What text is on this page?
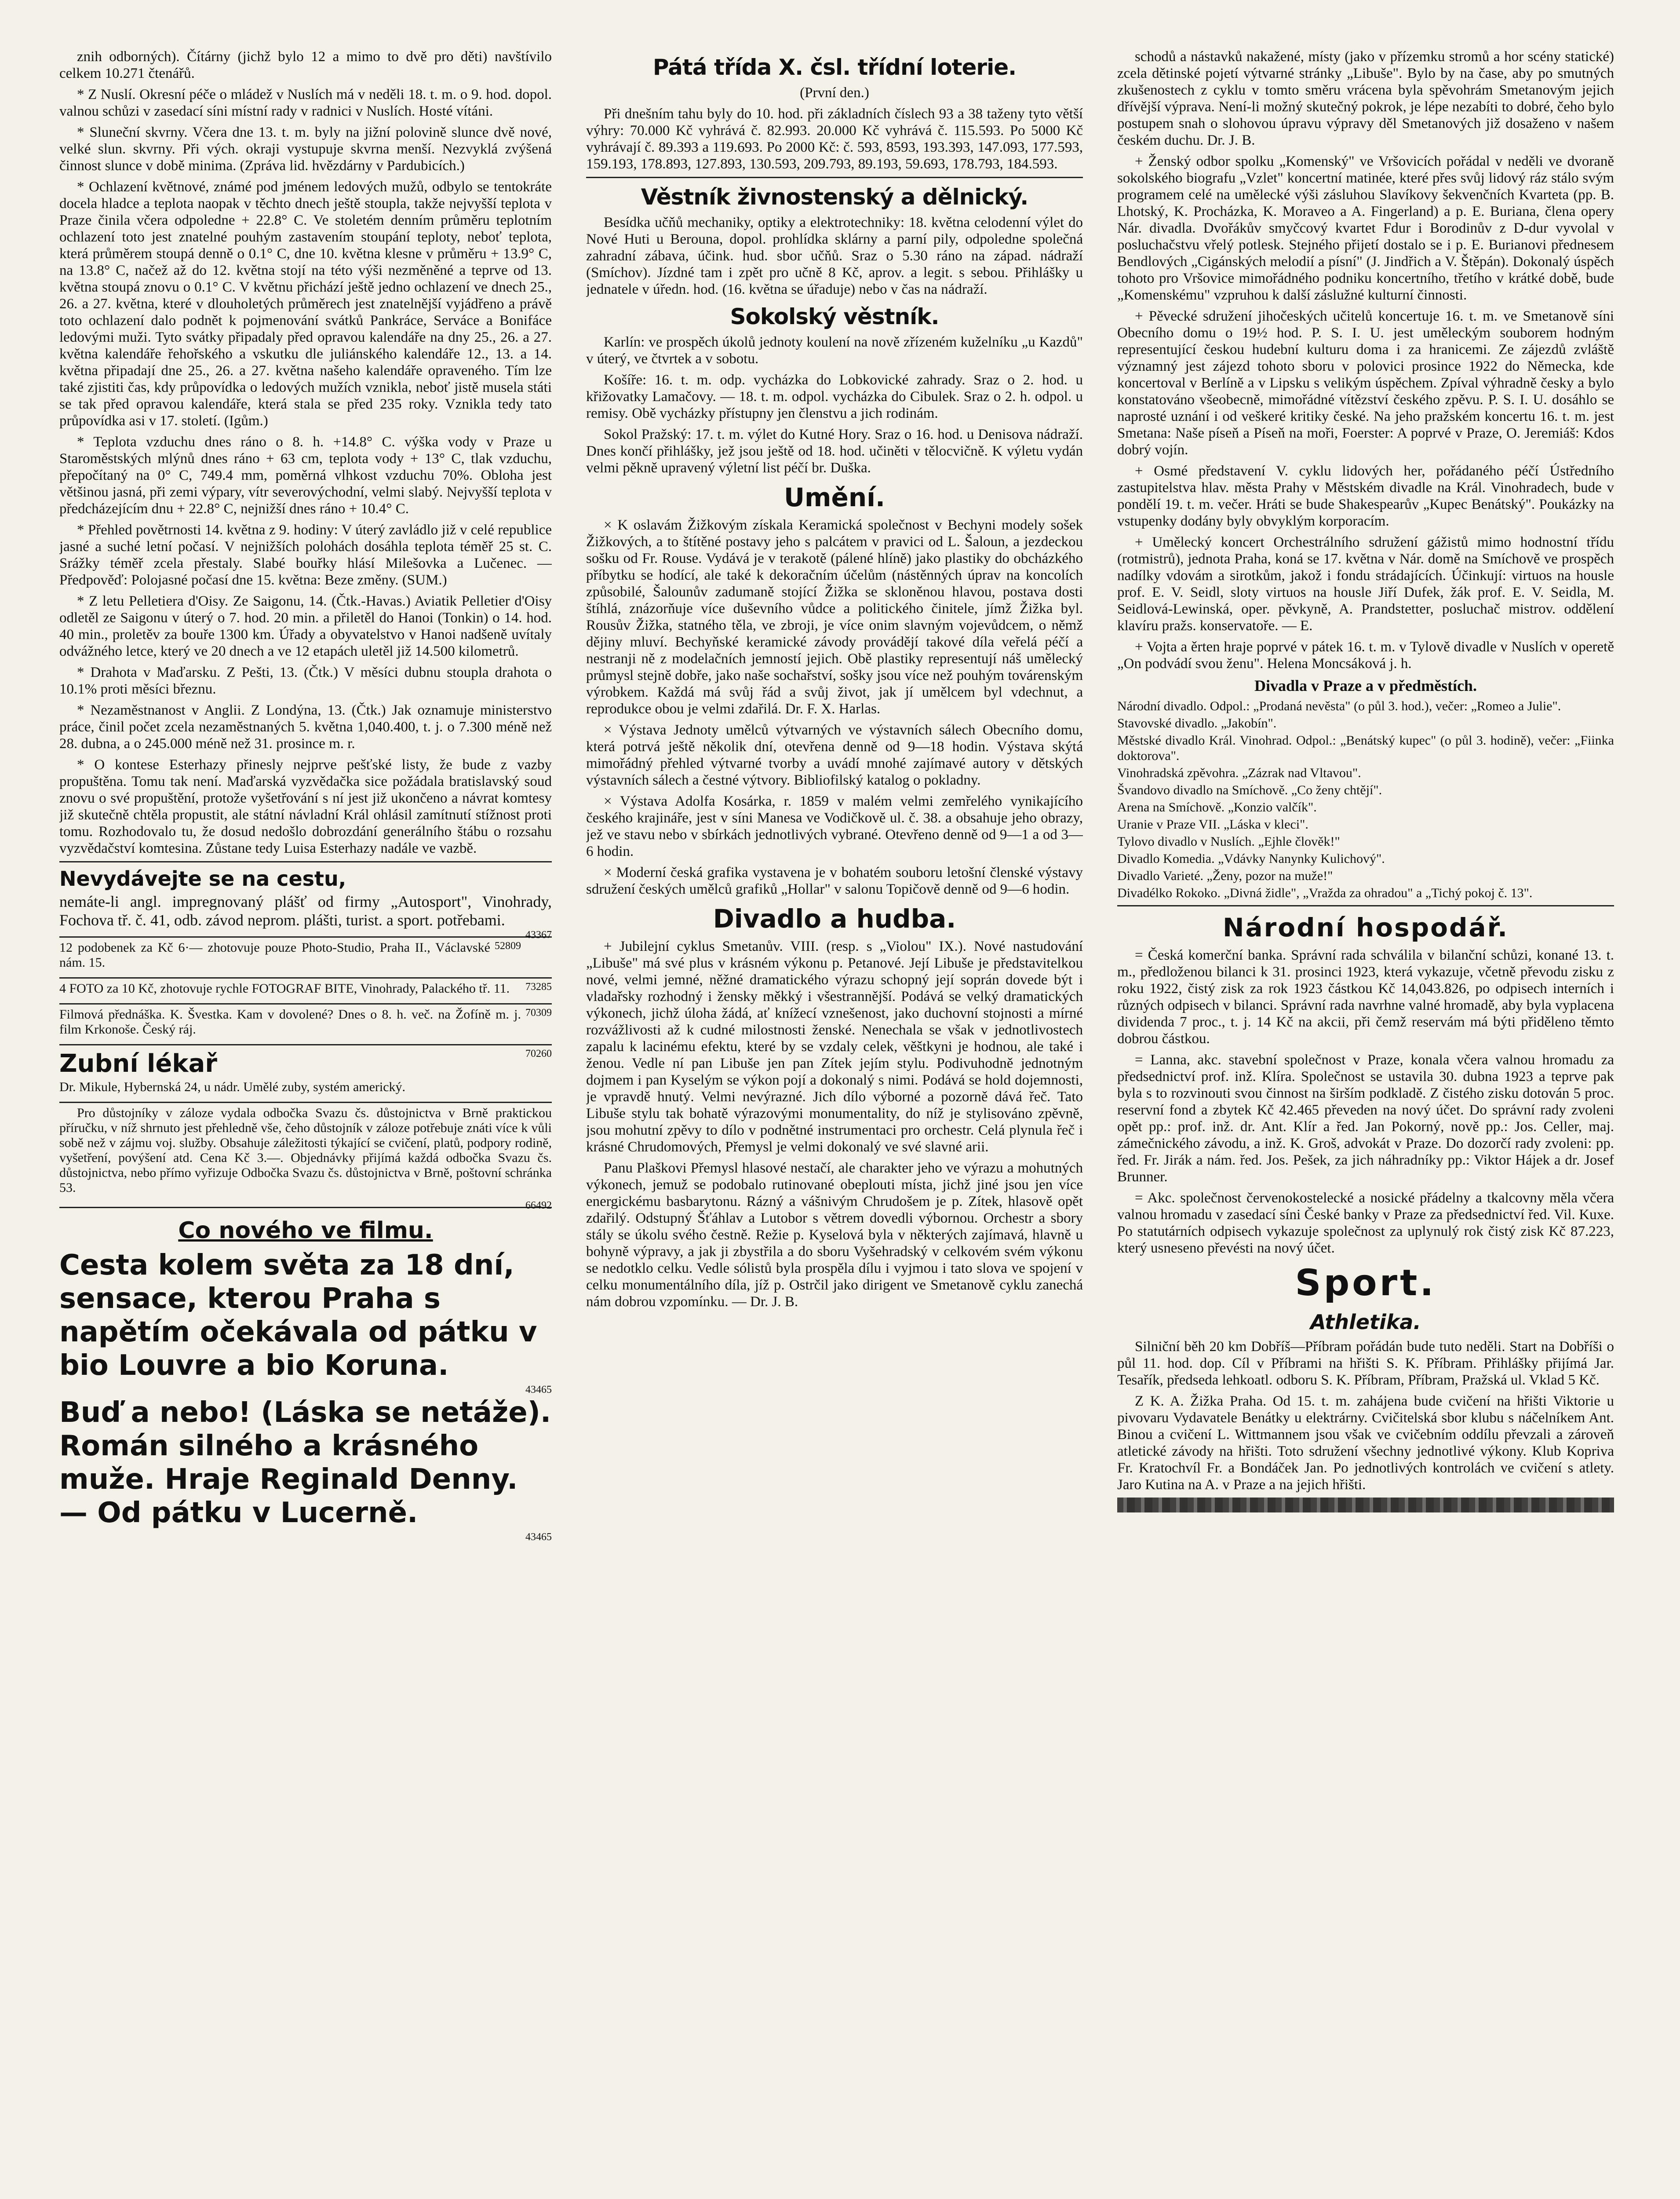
znih odborných). Čítárny (jichž bylo 12 a mimo to dvě pro děti) navštívilo celkem 10.271 čtenářů.

* Z Nuslí. Okresní péče o mládež v Nuslích má v neděli 18. t. m. o 9. hod. dopol. valnou schůzi v zasedací síni místní rady v radnici v Nuslích. Hosté vítáni.

* Sluneční skvrny. Včera dne 13. t. m. byly na jižní polovině slunce dvě nové, velké slun. skvrny. Při vých. okraji vystupuje skvrna menší. Nezvyklá zvýšená činnost slunce v době minima. (Zpráva lid. hvězdárny v Pardubicích.)

* Ochlazení květnové, známé pod jménem ledových mužů, odbylo se tentokráte docela hladce a teplota naopak v těchto dnech ještě stoupla, takže nejvyšší teplota v Praze činila včera odpoledne + 22.8° C. Ve stoletém denním průměru teplotním ochlazení toto jest znatelné pouhým zastavením stoupání teploty, neboť teplota, která průměrem stoupá denně o 0.1° C, dne 10. května klesne v průměru + 13.9° C, na 13.8° C, načež až do 12. května stojí na této výši nezměněné a teprve od 13. května stoupá znovu o 0.1° C. V květnu přichází ještě jedno ochlazení ve dnech 25., 26. a 27. května, které v dlouholetých průměrech jest znatelnější vyjádřeno a právě toto ochlazení dalo podnět k pojmenování svátků Pankráce, Serváce a Bonifáce ledovými muži. Tyto svátky připadaly před opravou kalendáře na dny 25., 26. a 27. května kalendáře řehořského a vskutku dle juliánského kalendáře 12., 13. a 14. května připadají dne 25., 26. a 27. května našeho kalendáře opraveného. Tím lze také zjistiti čas, kdy průpovídka o ledových mužích vznikla, neboť jistě musela státi se tak před opravou kalendáře, která stala se před 235 roky. Vznikla tedy tato průpovídka asi v 17. století. (Igům.)

* Teplota vzduchu dnes ráno o 8. h. +14.8° C. výška vody v Praze u Staroměstských mlýnů dnes ráno + 63 cm, teplota vody + 13° C, tlak vzduchu, přepočítaný na 0° C, 749.4 mm, poměrná vlhkost vzduchu 70%. Obloha jest většinou jasná, při zemi výpary, vítr severovýchodní, velmi slabý. Nejvyšší teplota v předcházejícím dnu + 22.8° C, nejnižší dnes ráno + 10.4° C.

* Přehled povětrnosti 14. května z 9. hodiny: V úterý zavládlo již v celé republice jasné a suché letní počasí. V nejnižších polohách dosáhla teplota téměř 25 st. C. Srážky téměř zcela přestaly. Slabé bouřky hlásí Milešovka a Lučenec. — Předpověď: Polojasné počasí dne 15. května: Beze změny. (SUM.)

* Z letu Pelletiera d'Oisy. Ze Saigonu, 14. (Čtk.-Havas.) Aviatik Pelletier d'Oisy odletěl ze Saigonu v úterý o 7. hod. 20 min. a přiletěl do Hanoi (Tonkin) o 14. hod. 40 min., proletěv za bouře 1300 km. Úřady a obyvatelstvo v Hanoi nadšeně uvítaly odvážného letce, který ve 20 dnech a ve 12 etapách uletěl již 14.500 kilometrů.

* Drahota v Maďarsku. Z Pešti, 13. (Čtk.) V měsíci dubnu stoupla drahota o 10.1% proti měsíci březnu.

* Nezaměstnanost v Anglii. Z Londýna, 13. (Čtk.) Jak oznamuje ministerstvo práce, činil počet zcela nezaměstnaných 5. května 1,040.400, t. j. o 7.300 méně než 28. dubna, a o 245.000 méně než 31. prosince m. r.

* O kontese Esterhazy přinesly nejprve pešťské listy, že bude z vazby propuštěna. Tomu tak není. Maďarská vyzvědačka sice požádala bratislavský soud znovu o své propuštění, protože vyšetřování s ní jest již ukončeno a návrat komtesy již skutečně chtěla propustit, ale státní návladní Král ohlásil zamítnutí stížnost proti tomu. Rozhodovalo tu, že dosud nedošlo dobrozdání generálního štábu o rozsahu vyzvědačství komtesina. Zůstane tedy Luisa Esterhazy nadále ve vazbě.

Nevydávejte se na cestu,

nemáte-li angl. impregnovaný plášť od firmy „Autosport", Vinohrady, Fochova tř. č. 41, odb. závod neprom. plášti, turist. a sport. potřebami.

43367
52809

12 podobenek za Kč 6·— zhotovuje pouze Photo-Studio, Praha II., Václavské nám. 15.

73285

4 FOTO za 10 Kč, zhotovuje rychle FOTOGRAF BITE, Vinohrady, Palackého tř. 11.

70309

Filmová přednáška. K. Švestka. Kam v dovolené? Dnes o 8. h. več. na Žofíně m. j. film Krkonoše. Český ráj.

70260
Zubní lékař

Dr. Mikule, Hybernská 24, u nádr. Umělé zuby, systém americký.

Pro důstojníky v záloze vydala odbočka Svazu čs. důstojnictva v Brně praktickou příručku, v níž shrnuto jest přehledně vše, čeho důstojník v záloze potřebuje znáti více k vůli sobě než v zájmu voj. služby. Obsahuje záležitosti týkající se cvičení, platů, podpory rodině, vyšetření, povýšení atd. Cena Kč 3.—. Objednávky přijímá každá odbočka Svazu čs. důstojnictva, nebo přímo vyřizuje Odbočka Svazu čs. důstojnictva v Brně, poštovní schránka 53.

66492
Co nového ve filmu.
Cesta kolem světa za 18 dní, sensace, kterou Praha s napětím očekávala od pátku v bio Louvre a bio Koruna.
43465
Buď a nebo! (Láska se netáže). Román silného a krásného muže. Hraje Reginald Denny. — Od pátku v Lucerně.
43465
Pátá třída X. čsl. třídní loterie.

(První den.)

Při dnešním tahu byly do 10. hod. při základních číslech 93 a 38 taženy tyto větší výhry: 70.000 Kč vyhrává č. 82.993. 20.000 Kč vyhrává č. 115.593. Po 5000 Kč vyhrávají č. 89.393 a 119.693. Po 2000 Kč: č. 593, 8593, 193.393, 147.093, 177.593, 159.193, 178.893, 127.893, 130.593, 209.793, 89.193, 59.693, 178.793, 184.593.

Věstník živnostenský a dělnický.

Besídka učňů mechaniky, optiky a elektrotechniky: 18. května celodenní výlet do Nové Huti u Berouna, dopol. prohlídka sklárny a parní pily, odpoledne společná zahradní zábava, účink. hud. sbor učňů. Sraz o 5.30 ráno na západ. nádraží (Smíchov). Jízdné tam i zpět pro učně 8 Kč, aprov. a legit. s sebou. Přihlášky u jednatele v úředn. hod. (16. května se úřaduje) nebo v čas na nádraží.

Sokolský věstník.

Karlín: ve prospěch úkolů jednoty koulení na nově zřízeném kuželníku „u Kazdů" v úterý, ve čtvrtek a v sobotu.

Košíře: 16. t. m. odp. vycházka do Lobkovické zahrady. Sraz o 2. hod. u křižovatky Lamačovy. — 18. t. m. odpol. vycházka do Cibulek. Sraz o 2. h. odpol. u remisy. Obě vycházky přístupny jen členstvu a jich rodinám.

Sokol Pražský: 17. t. m. výlet do Kutné Hory. Sraz o 16. hod. u Denisova nádraží. Dnes končí přihlášky, jež jsou ještě od 18. hod. učiněti v tělocvičně. K výletu vydán velmi pěkně upravený výletní list péčí br. Duška.

Umění.

× K oslavám Žižkovým získala Keramická společnost v Bechyni modely sošek Žižkových, a to štítěné postavy jeho s palcátem v pravici od L. Šaloun, a jezdeckou sošku od Fr. Rouse. Vydává je v terakotě (pálené hlíně) jako plastiky do obcházkého příbytku se hodící, ale také k dekoračním účelům (nástěnných úprav na koncolích způsobilé, Šalounův zadumaně stojící Žižka se skloněnou hlavou, postava dosti štíhlá, znázorňuje více duševního vůdce a politického činitele, jímž Žižka byl. Rousův Žižka, statného těla, ve zbroji, je více onim slavným vojevůdcem, o němž dějiny mluví. Bechyňské keramické závody provádějí takové díla veřelá péčí a nestranji ně z modelačních jemností jejich. Obě plastiky representují náš umělecký průmysl stejně dobře, jako naše sochařství, sošky jsou více než pouhým továrenským výrobkem. Každá má svůj řád a svůj život, jak jí umělcem byl vdechnut, a reprodukce obou je velmi zdařilá. Dr. F. X. Harlas.

× Výstava Jednoty umělců výtvarných ve výstavních sálech Obecního domu, která potrvá ještě několik dní, otevřena denně od 9—18 hodin. Výstava skýtá mimořádný přehled výtvarné tvorby a uvádí mnohé zajímavé autory v dětských výstavních sálech a čestné výtvory. Bibliofilský katalog o pokladny.

× Výstava Adolfa Kosárka, r. 1859 v malém velmi zemřelého vynikajícího českého krajináře, jest v síni Manesa ve Vodičkově ul. č. 38. a obsahuje jeho obrazy, jež ve stavu nebo v sbírkách jednotlivých vybrané. Otevřeno denně od 9—1 a od 3—6 hodin.

× Moderní česká grafika vystavena je v bohatém souboru letošní členské výstavy sdružení českých umělců grafiků „Hollar" v salonu Topičově denně od 9—6 hodin.

Divadlo a hudba.

+ Jubilejní cyklus Smetanův. VIII. (resp. s „Violou" IX.). Nové nastudování „Libuše" má své plus v krásném výkonu p. Petanové. Její Libuše je představitelkou nové, velmi jemné, něžné dramatického výrazu schopný její soprán dovede být i vladařsky rozhodný i žensky měkký i všestrannější. Podává se velký dramatických výkonech, jichž úloha žádá, ať knížecí vznešenost, jako duchovní stojnosti a mírné rozvážlivosti až k cudné milostnosti ženské. Nenechala se však v jednotlivostech zapalu k lacinému efektu, které by se vzdaly celek, věštkyni je hodnou, ale také i ženou. Vedle ní pan Libuše jen pan Zítek jejím stylu. Podivuhodně jednotným dojmem i pan Kyselým se výkon pojí a dokonalý s nimi. Podává se hold dojemnosti, je vpravdě hnutý. Velmi nevýrazné. Jich dílo výborné a pozorně dává řeč. Tato Libuše stylu tak bohatě výrazovými monumentality, do níž je stylisováno zpěvně, jsou mohutní zpěvy to dílo v podnětné instrumentaci pro orchestr. Celá plynula řeč i krásné Chrudomových, Přemysl je velmi dokonalý ve své slavné arii.

Panu Plaškovi Přemysl hlasové nestačí, ale charakter jeho ve výrazu a mohutných výkonech, jemuž se podobalo rutinované obeplouti místa, jichž jiné jsou jen více energickému basbarytonu. Rázný a vášnivým Chrudošem je p. Zítek, hlasově opět zdařilý. Odstupný Šťáhlav a Lutobor s větrem dovedli výbornou. Orchestr a sbory stály se úkolu svého čestně. Režie p. Kyselová byla v některých zajímavá, hlavně u bohyně výpravy, a jak ji zbystřila a do sboru Vyšehradský v celkovém svém výkonu se nedotklo celku. Vedle sólistů byla prospěla dílu i vyjmou i tato slova ve spojení v celku monumentálního díla, jíž p. Ostrčil jako dirigent ve Smetanově cyklu zanechá nám dobrou vzpomínku. — Dr. J. B.

schodů a nástavků nakažené, místy (jako v přízemku stromů a hor scény statické) zcela dětinské pojetí výtvarné stránky „Libuše". Bylo by na čase, aby po smutných zkušenostech z cyklu v tomto směru vrácena byla spěvohrám Smetanovým jejich dřívější výprava. Není-li možný skutečný pokrok, je lépe nezabíti to dobré, čeho bylo postupem snah o slohovou úpravu výpravy děl Smetanových již dosaženo v našem českém duchu. Dr. J. B.

+ Ženský odbor spolku „Komenský" ve Vršovicích pořádal v neděli ve dvoraně sokolského biografu „Vzlet" koncertní matinée, které přes svůj lidový ráz stálo svým programem celé na umělecké výši zásluhou Slavíkovy šekvenčních Kvarteta (pp. B. Lhotský, K. Procházka, K. Moraveo a A. Fingerland) a p. E. Buriana, člena opery Nár. divadla. Dvořákův smyčcový kvartet Fdur i Borodinův z D-dur vyvolal v posluchačstvu vřelý potlesk. Stejného přijetí dostalo se i p. E. Burianovi přednesem Bendlových „Cigánských melodií a písní" (J. Jindřich a V. Štěpán). Dokonalý úspěch tohoto pro Vršovice mimořádného podniku koncertního, třetího v krátké době, bude „Komenskému" vzpruhou k další záslužné kulturní činnosti.

+ Pěvecké sdružení jihočeských učitelů koncertuje 16. t. m. ve Smetanově síni Obecního domu o 19½ hod. P. S. I. U. jest uměleckým souborem hodným representující českou hudební kulturu doma i za hranicemi. Ze zájezdů zvláště významný jest zájezd tohoto sboru v polovici prosince 1922 do Německa, kde koncertoval v Berlíně a v Lipsku s velikým úspěchem. Zpíval výhradně česky a bylo konstatováno všeobecně, mimořádné vítězství českého zpěvu. P. S. I. U. dosáhlo se naprosté uznání i od veškeré kritiky české. Na jeho pražském koncertu 16. t. m. jest Smetana: Naše píseň a Píseň na moři, Foerster: A poprvé v Praze, O. Jeremiáš: Kdos dobrý vojín.

+ Osmé představení V. cyklu lidových her, pořádaného péčí Ústředního zastupitelstva hlav. města Prahy v Městském divadle na Král. Vinohradech, bude v pondělí 19. t. m. večer. Hráti se bude Shakespearův „Kupec Benátský". Poukázky na vstupenky dodány byly obvyklým korporacím.

+ Umělecký koncert Orchestrálního sdružení gážistů mimo hodnostní třídu (rotmistrů), jednota Praha, koná se 17. května v Nár. domě na Smíchově ve prospěch nadílky vdovám a sirotkům, jakož i fondu strádajících. Účinkují: virtuos na housle prof. E. V. Seidl, sloty virtuos na housle Jiří Dufek, žák prof. E. V. Seidla, M. Seidlová-Lewinská, oper. pěvkyně, A. Prandstetter, posluchač mistrov. oddělení klavíru pražs. konservatoře. — E.

+ Vojta a ěrten hraje poprvé v pátek 16. t. m. v Tylově divadle v Nuslích v operetě „On podvádí svou ženu". Helena Moncsáková j. h.

Divadla v Praze a v předměstích.

Národní divadlo. Odpol.: „Prodaná nevěsta" (o půl 3. hod.), večer: „Romeo a Julie".

Stavovské divadlo. „Jakobín".

Městské divadlo Král. Vinohrad. Odpol.: „Benátský kupec" (o půl 3. hodině), večer: „Fiinka doktorova".

Vinohradská zpěvohra. „Zázrak nad Vltavou".

Švandovo divadlo na Smíchově. „Co ženy chtějí".

Arena na Smíchově. „Konzio valčík".

Uranie v Praze VII. „Láska v kleci".

Tylovo divadlo v Nuslích. „Ejhle člověk!"

Divadlo Komedia. „Vdávky Nanynky Kulichový".

Divadlo Varieté. „Ženy, pozor na muže!"

Divadélko Rokoko. „Divná židle", „Vražda za ohradou" a „Tichý pokoj č. 13".

Národní hospodář.

= Česká komerční banka. Správní rada schválila v bilanční schůzi, konané 13. t. m., předloženou bilanci k 31. prosinci 1923, která vykazuje, včetně převodu zisku z roku 1922, čistý zisk za rok 1923 částkou Kč 14,043.826, po odpisech interních i různých odpisech v bilanci. Správní rada navrhne valné hromadě, aby byla vyplacena dividenda 7 proc., t. j. 14 Kč na akcii, při čemž reservám má býti přiděleno těmto dobrou částkou.

= Lanna, akc. stavební společnost v Praze, konala včera valnou hromadu za předsednictví prof. inž. Klíra. Společnost se ustavila 30. dubna 1923 a teprve pak byla s to rozvinouti svou činnost na širším podkladě. Z čistého zisku dotován 5 proc. reservní fond a zbytek Kč 42.465 převeden na nový účet. Do správní rady zvoleni opět pp.: prof. inž. dr. Ant. Klír a řed. Jan Pokorný, nově pp.: Jos. Celler, maj. zámečnického závodu, a inž. K. Groš, advokát v Praze. Do dozorčí rady zvoleni: pp. řed. Fr. Jirák a nám. řed. Jos. Pešek, za jich náhradníky pp.: Viktor Hájek a dr. Josef Brunner.

= Akc. společnost červenokostelecké a nosické přádelny a tkalcovny měla včera valnou hromadu v zasedací síni České banky v Praze za předsednictví řed. Vil. Kuxe. Po statutárních odpisech vykazuje společnost za uplynulý rok čistý zisk Kč 87.223, který usneseno převésti na nový účet.

Sport.
Athletika.

Silniční běh 20 km Dobříš—Příbram pořádán bude tuto neděli. Start na Dobříši o půl 11. hod. dop. Cíl v Příbrami na hřišti S. K. Příbram. Přihlášky přijímá Jar. Tesařík, předseda lehkoatl. odboru S. K. Příbram, Příbram, Pražská ul. Vklad 5 Kč.

Z K. A. Žižka Praha. Od 15. t. m. zahájena bude cvičení na hřišti Viktorie u pivovaru Vydavatele Benátky u elektrárny. Cvičitelská sbor klubu s náčelníkem Ant. Binou a cvičení L. Wittmannem jsou však ve cvičebním oddílu převzali a zároveň atletické závody na hřišti. Toto sdružení všechny jednotlivé výkony. Klub Kopriva Fr. Kratochvíl Fr. a Bondáček Jan. Po jednotlivých kontrolách ve cvičení s atlety. Jaro Kutina na A. v Praze a na jejich hřišti.
